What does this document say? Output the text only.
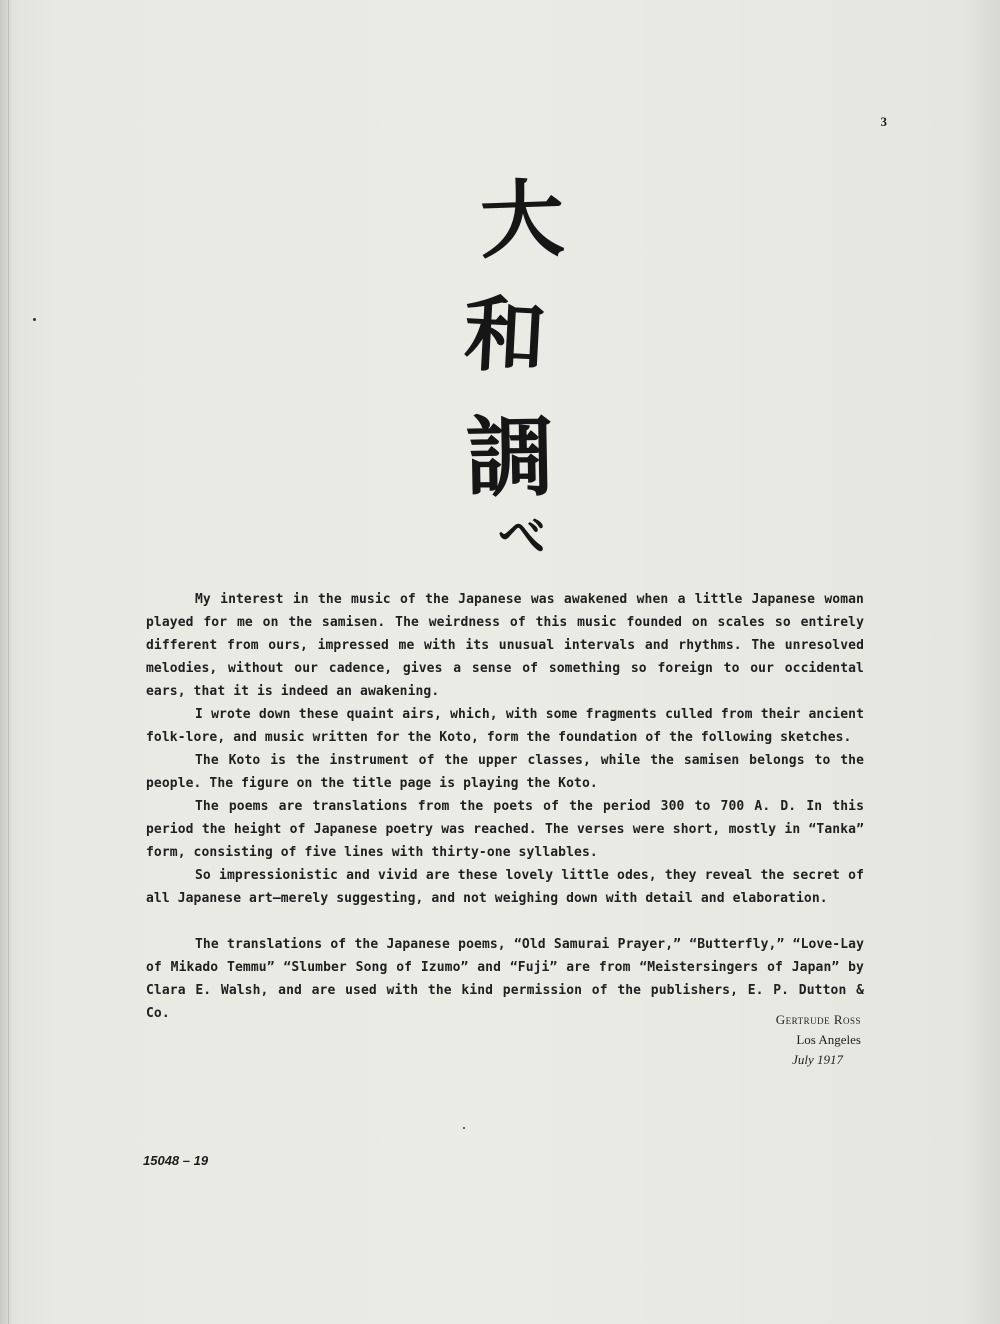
3
大
和
調
べ

My interest in the music of the Japanese was awakened when a little Japanese woman played for me on the samisen. The weirdness of this music founded on scales so entirely different from ours, impressed me with its unusual intervals and rhythms. The unresolved melodies, without our cadence, gives a sense of something so foreign to our occidental ears, that it is indeed an awakening.

I wrote down these quaint airs, which, with some fragments culled from their ancient folk-lore, and music written for the Koto, form the foundation of the following sketches.

The Koto is the instrument of the upper classes, while the samisen belongs to the people. The figure on the title page is playing the Koto.

The poems are translations from the poets of the period 300 to 700 A. D. In this period the height of Japanese poetry was reached. The verses were short, mostly in “Tanka” form, consisting of five lines with thirty-one syllables.

So impressionistic and vivid are these lovely little odes, they reveal the secret of all Japanese art—merely suggesting, and not weighing down with detail and elaboration.

The translations of the Japanese poems, “Old Samurai Prayer,” “Butterfly,” “Love-Lay of Mikado Temmu” “Slumber Song of Izumo” and “Fuji” are from “Meistersingers of Japan” by Clara E. Walsh, and are used with the kind permission of the publishers, E. P. Dutton & Co.	Gertrude Ross
Los Angeles
July 1917
15048 – 19
